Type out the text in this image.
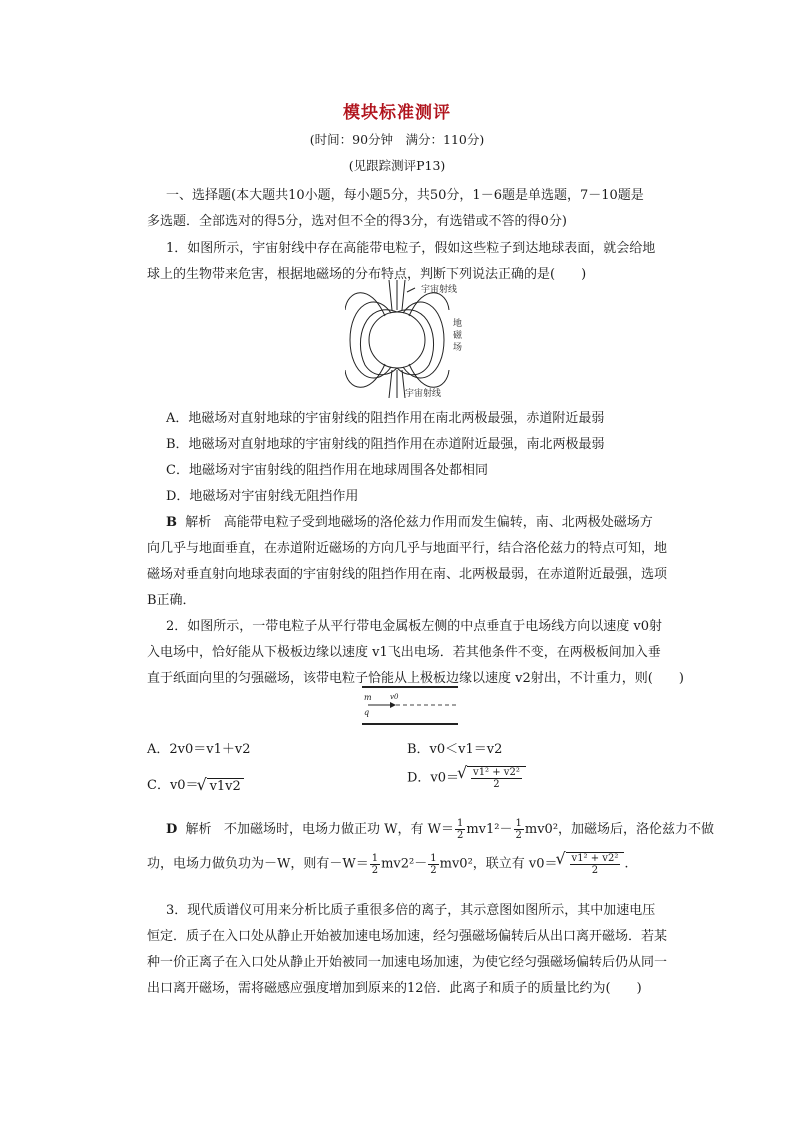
模块标准测评
(时间：90分钟　满分：110分)
(见跟踪测评P13)
一、选择题(本大题共10小题，每小题5分，共50分，1－6题是单选题，7－10题是
多选题．全部选对的得5分，选对但不全的得3分，有选错或不答的得0分)
1．如图所示，宇宙射线中存在高能带电粒子，假如这些粒子到达地球表面，就会给地
球上的生物带来危害，根据地磁场的分布特点，判断下列说法正确的是(　　)
宇宙射线
宇宙射线
地
磁
场
A．地磁场对直射地球的宇宙射线的阻挡作用在南北两极最强，赤道附近最弱
B．地磁场对直射地球的宇宙射线的阻挡作用在赤道附近最强，南北两极最弱
C．地磁场对宇宙射线的阻挡作用在地球周围各处都相同
D．地磁场对宇宙射线无阻挡作用
B 解析 高能带电粒子受到地磁场的洛伦兹力作用而发生偏转，南、北两极处磁场方
向几乎与地面垂直，在赤道附近磁场的方向几乎与地面平行，结合洛伦兹力的特点可知，地
磁场对垂直射向地球表面的宇宙射线的阻挡作用在南、北两极最弱，在赤道附近最强，选项
B正确．
2．如图所示，一带电粒子从平行带电金属板左侧的中点垂直于电场线方向以速度 v0射
入电场中，恰好能从下极板边缘以速度 v1飞出电场．若其他条件不变，在两极板间加入垂
直于纸面向里的匀强磁场，该带电粒子恰能从上极板边缘以速度 v2射出，不计重力，则(　　)
m
q
v0
A．2v0＝v1＋v2	B．v0＜v1＝v2
C．v0＝ √ v1v2
D．v0＝ √ $\frac{\text{v1² + v2²}}{2}$
D 解析 不加磁场时，电场力做正功 W，有 $W= \frac{1}{2} mv1^2- \frac{1}{2} mv0^2$，加磁场后，洛伦兹力不做
功，电场力做负功为－W，则有$-W= \frac{1}{2} mv2^2- \frac{1}{2} mv0^2$，联立有 v0＝ √ $\frac{\text{v1² + v2²}}{2}$ .
3．现代质谱仪可用来分析比质子重很多倍的离子，其示意图如图所示，其中加速电压
恒定．质子在入口处从静止开始被加速电场加速，经匀强磁场偏转后从出口离开磁场．若某
种一价正离子在入口处从静止开始被同一加速电场加速，为使它经匀强磁场偏转后仍从同一
出口离开磁场，需将磁感应强度增加到原来的12倍．此离子和质子的质量比约为(　　)
